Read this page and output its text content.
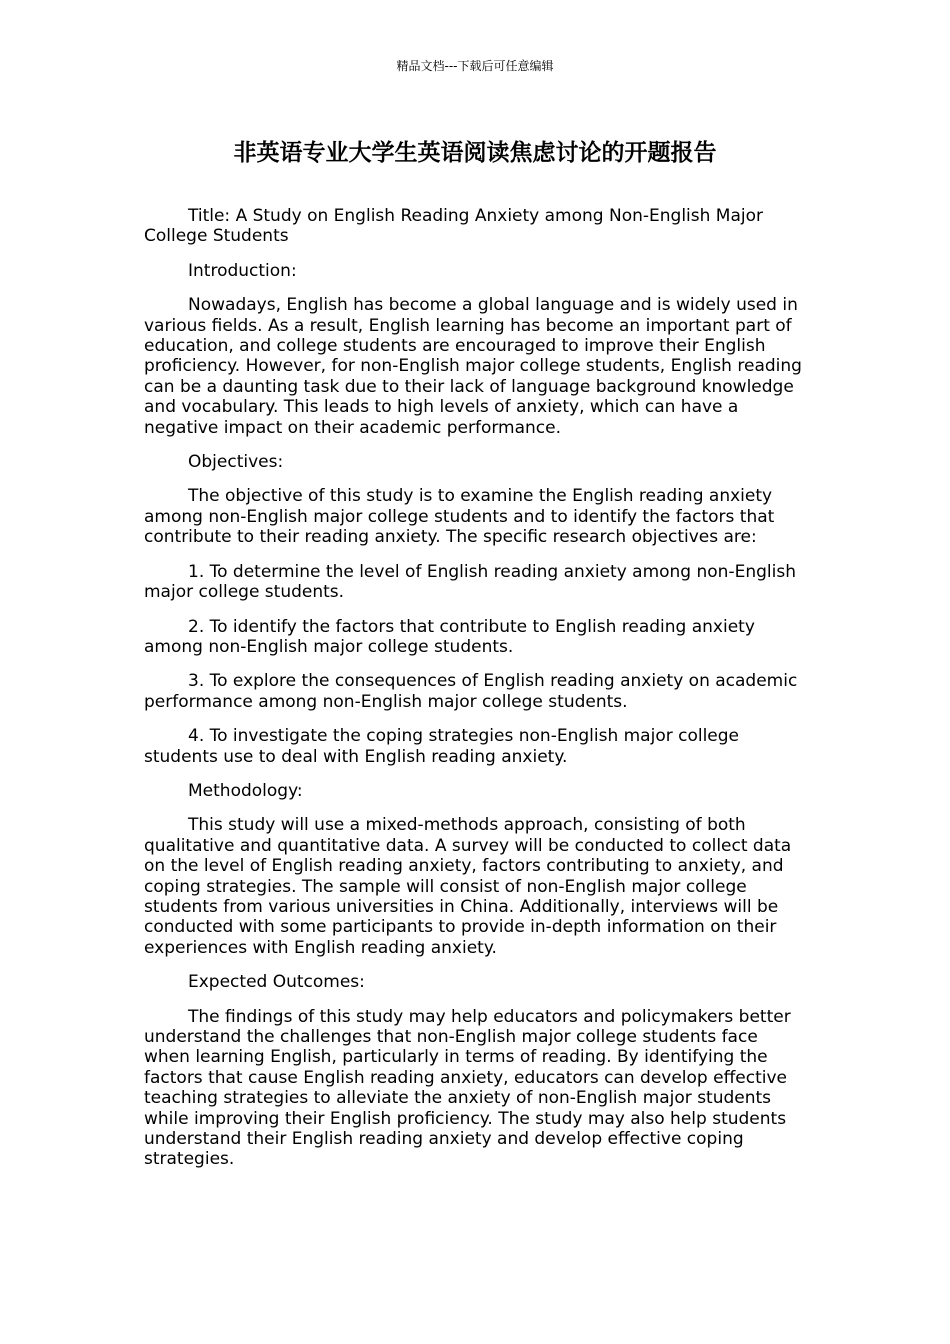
精品文档---下载后可任意编辑
非英语专业大学生英语阅读焦虑讨论的开题报告

Title: A Study on English Reading Anxiety among Non-English Major College Students

Introduction:

Nowadays, English has become a global language and is widely used in various fields. As a result, English learning has become an important part of education, and college students are encouraged to improve their English proficiency. However, for non-English major college students, English reading can be a daunting task due to their lack of language background knowledge and vocabulary. This leads to high levels of anxiety, which can have a negative impact on their academic performance.

Objectives:

The objective of this study is to examine the English reading anxiety among non-English major college students and to identify the factors that contribute to their reading anxiety. The specific research objectives are:

1. To determine the level of English reading anxiety among non-English major college students.

2. To identify the factors that contribute to English reading anxiety among non-English major college students.

3. To explore the consequences of English reading anxiety on academic performance among non-English major college students.

4. To investigate the coping strategies non-English major college students use to deal with English reading anxiety.

Methodology:

This study will use a mixed-methods approach, consisting of both qualitative and quantitative data. A survey will be conducted to collect data on the level of English reading anxiety, factors contributing to anxiety, and coping strategies. The sample will consist of non-English major college students from various universities in China. Additionally, interviews will be conducted with some participants to provide in-depth information on their experiences with English reading anxiety.

Expected Outcomes:

The findings of this study may help educators and policymakers better understand the challenges that non-English major college students face when learning English, particularly in terms of reading. By identifying the factors that cause English reading anxiety, educators can develop effective teaching strategies to alleviate the anxiety of non-English major students while improving their English proficiency. The study may also help students understand their English reading anxiety and develop effective coping strategies.
